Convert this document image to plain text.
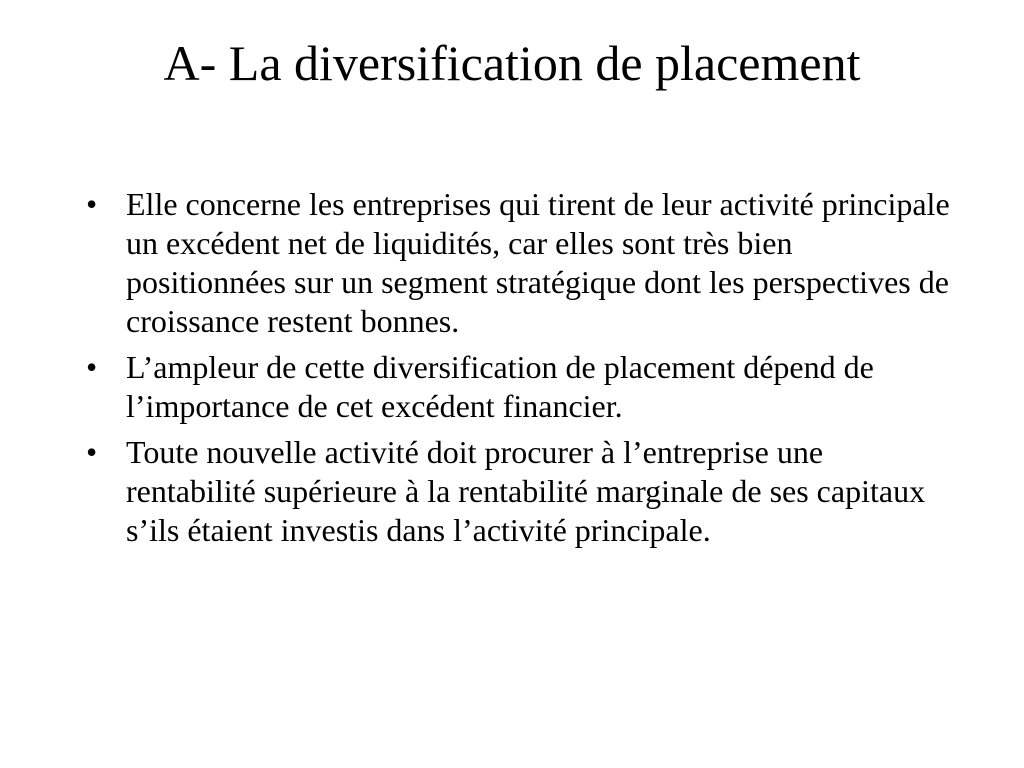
A- La diversification de placement
• Elle concerne les entreprises qui tirent de leur activité principale un excédent net de liquidités, car elles sont très bien positionnées sur un segment stratégique dont les perspectives de croissance restent bonnes.
• L’ampleur de cette diversification de placement dépend de l’importance de cet excédent financier.
• Toute nouvelle activité doit procurer à l’entreprise une rentabilité supérieure à la rentabilité marginale de ses capitaux s’ils étaient investis dans l’activité principale.
